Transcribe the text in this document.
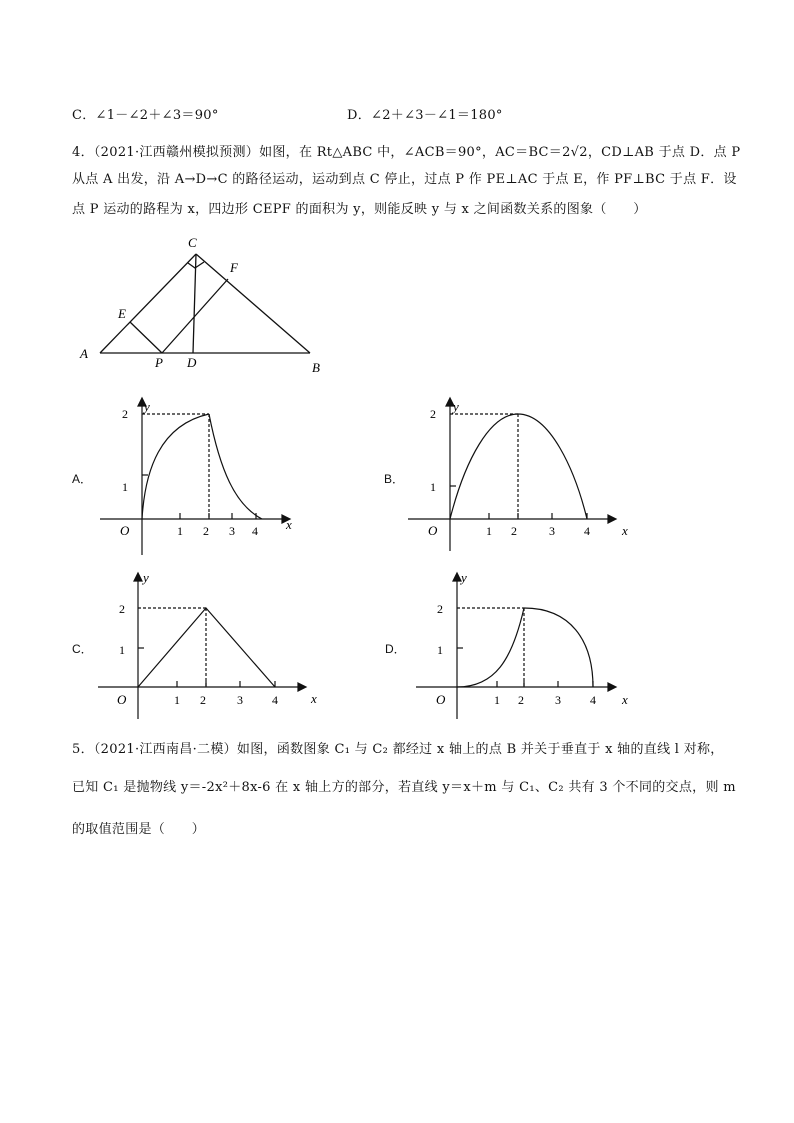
C．∠1－∠2＋∠3＝90°	D．∠2＋∠3－∠1＝180°
4．（2021·江西赣州模拟预测）如图，在 Rt△ABC 中，∠ACB＝90°，AC＝BC＝2√2，CD⊥AB 于点 D．点 P
从点 A 出发，沿 A→D→C 的路径运动，运动到点 C 停止，过点 P 作 PE⊥AC 于点 E，作 PF⊥BC 于点 F．设
点 P 运动的路程为 x，四边形 CEPF 的面积为 y，则能反映 y 与 x 之间函数关系的图象（　　）
A
B
C
D
E
F
P
A．	B．
C．	D．
y
x
O	1 2 3 4
1
2	y
x
O	1 2	3 4
1
2
y
x
O	1 2	3 4
1
2
y
x
O	1 2	3 4
1
2
5．（2021·江西南昌·二模）如图，函数图象 C₁ 与 C₂ 都经过 x 轴上的点 B 并关于垂直于 x 轴的直线 l 对称，
已知 C₁ 是抛物线 y＝-2x²＋8x-6 在 x 轴上方的部分，若直线 y＝x＋m 与 C₁、C₂ 共有 3 个不同的交点，则 m
的取值范围是（　　）
